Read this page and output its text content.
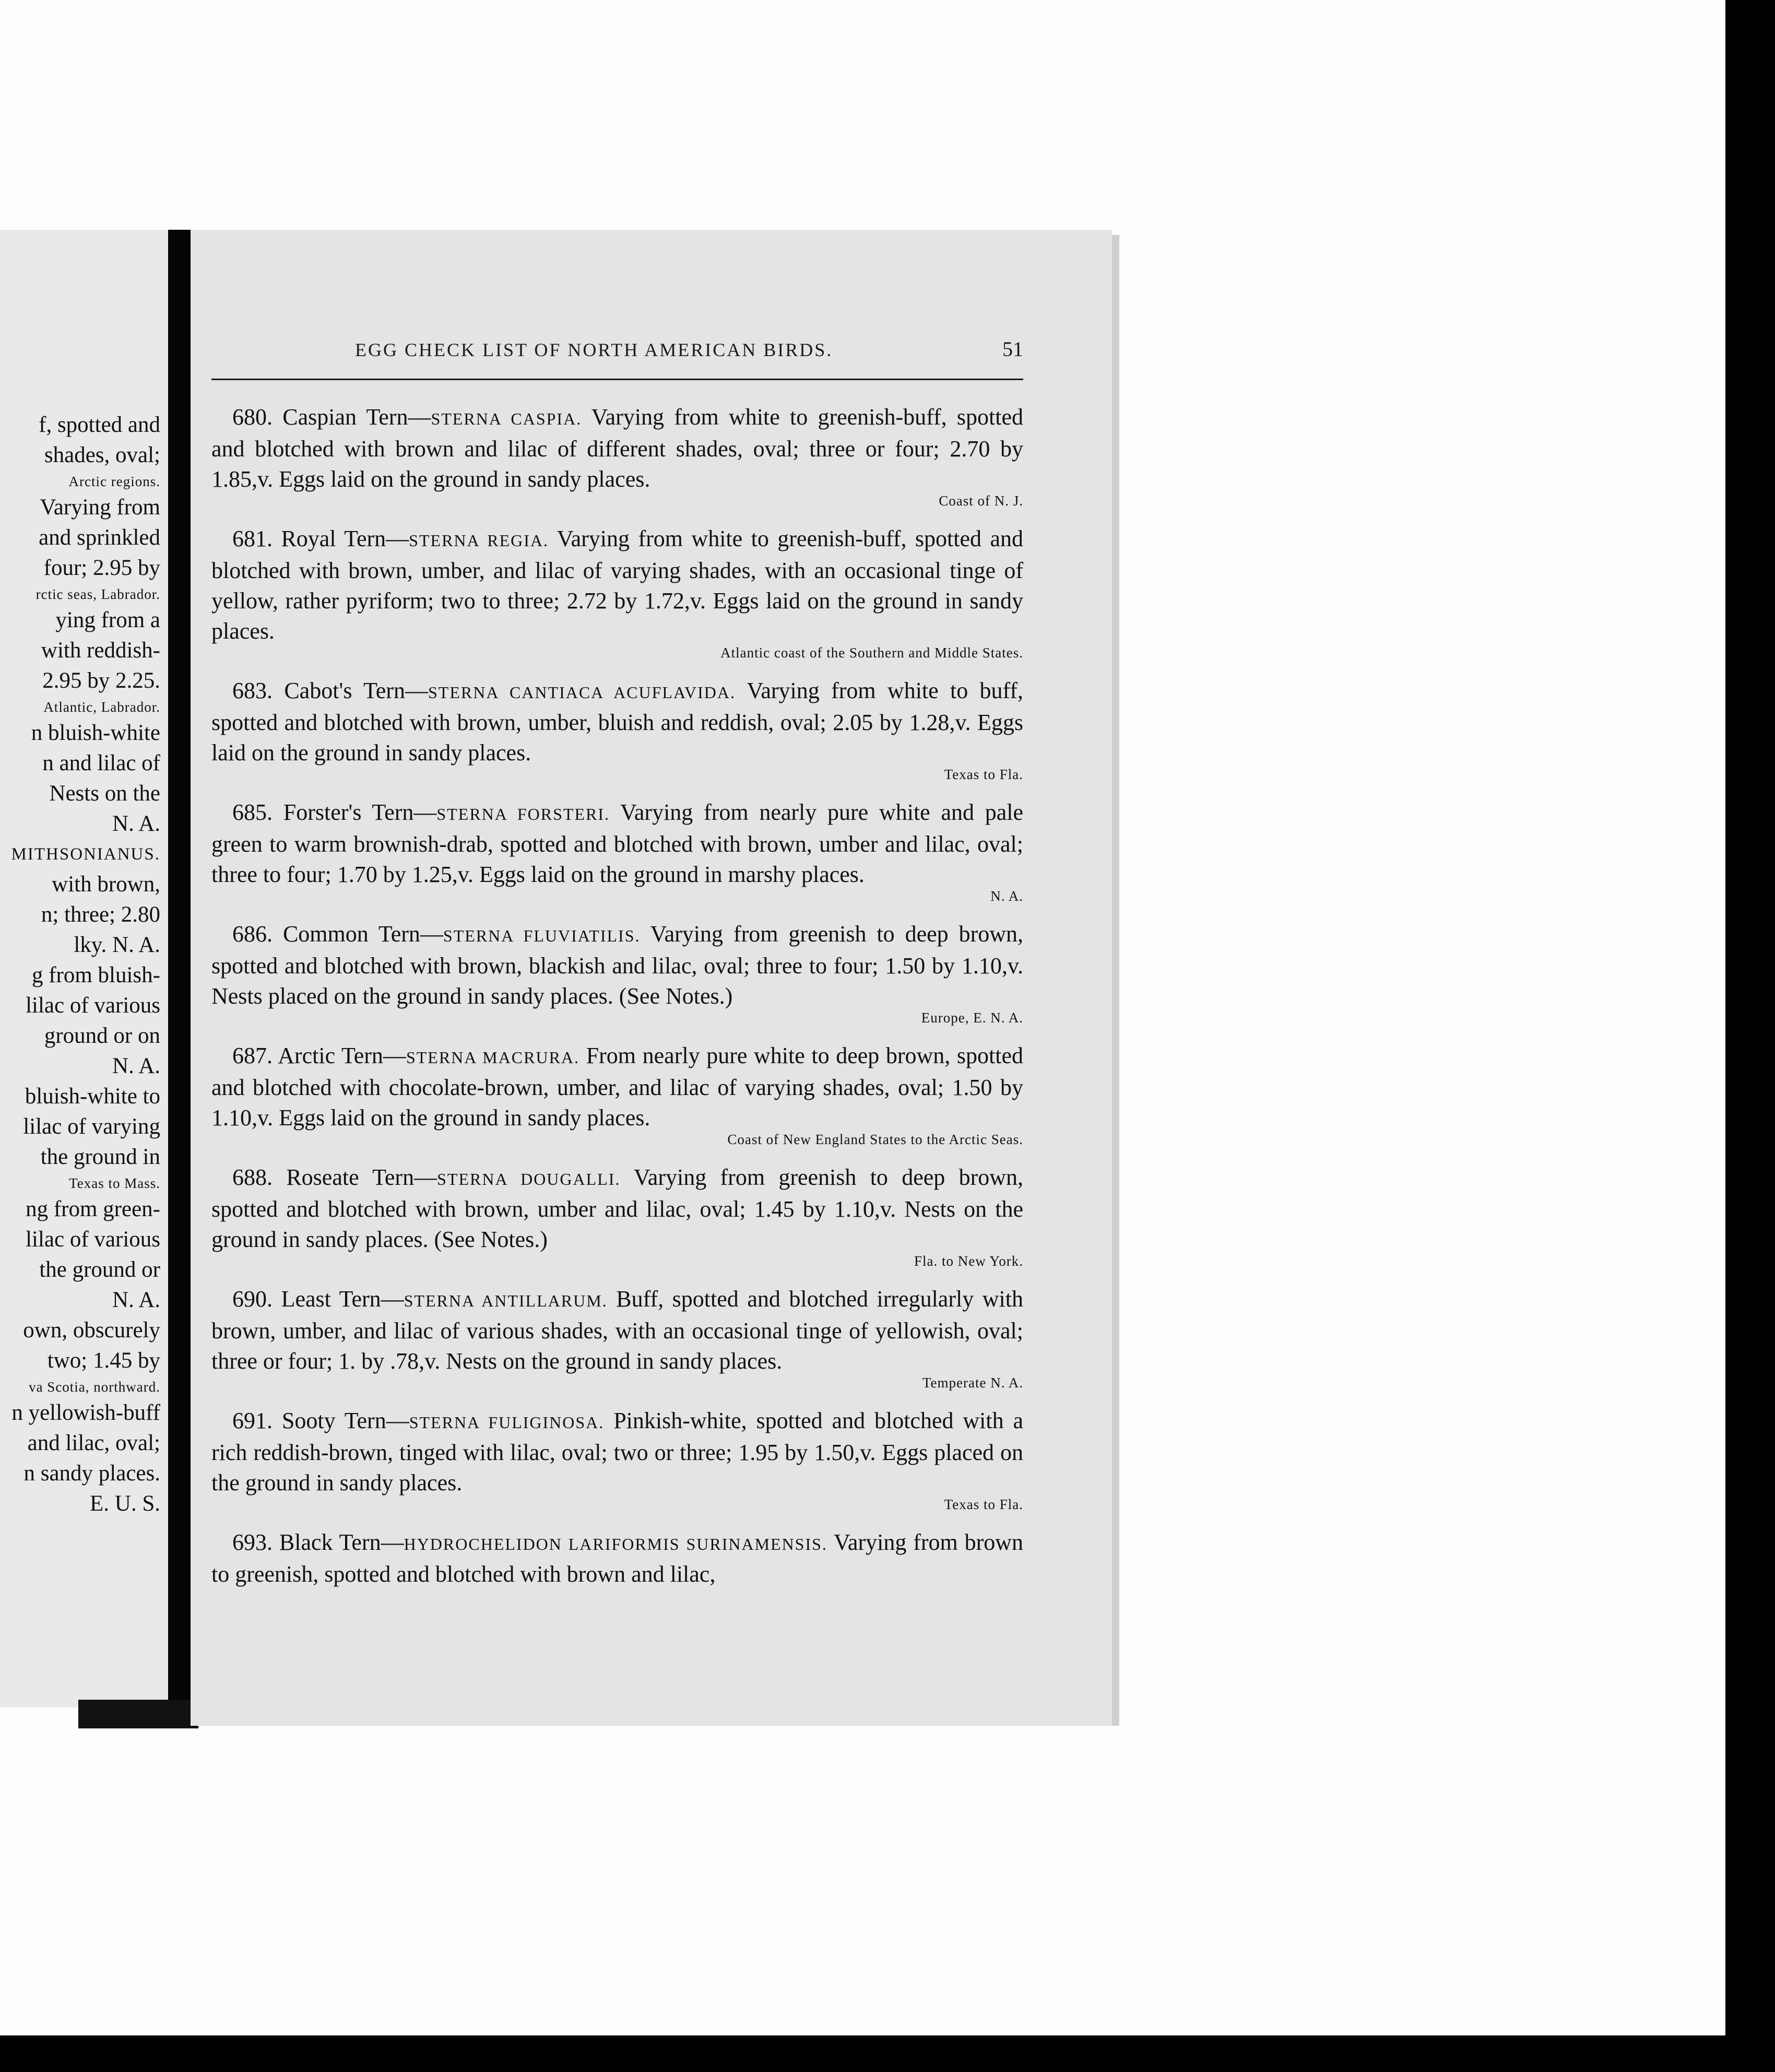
f, spotted and
shades, oval;
Arctic regions.
Varying from
and sprinkled
four; 2.95 by
rctic seas, Labrador.
ying from a
with reddish-
2.95 by 2.25.
Atlantic, Labrador.
n bluish-white
n and lilac of
Nests on the
N. A.
MITHSONIANUS.
with brown,
n; three; 2.80
lky. N. A.
g from bluish-
lilac of various
ground or on
N. A.
bluish-white to
lilac of varying
the ground in
Texas to Mass.
ng from green-
lilac of various
the ground or
N. A.
own, obscurely
two; 1.45 by
va Scotia, northward.
n yellowish-buff
and lilac, oval;
n sandy places.
E. U. S.
EGG CHECK LIST OF NORTH AMERICAN BIRDS.	51
680. Caspian Tern—STERNA CASPIA. Varying from white to greenish-buff, spotted and blotched with brown and lilac of different shades, oval; three or four; 2.70 by 1.85,v. Eggs laid on the ground in sandy places.
Coast of N. J.
681. Royal Tern—STERNA REGIA. Varying from white to greenish-buff, spotted and blotched with brown, umber, and lilac of varying shades, with an occasional tinge of yellow, rather pyriform; two to three; 2.72 by 1.72,v. Eggs laid on the ground in sandy places.
Atlantic coast of the Southern and Middle States.
683. Cabot's Tern—STERNA CANTIACA ACUFLAVIDA. Varying from white to buff, spotted and blotched with brown, umber, bluish and reddish, oval; 2.05 by 1.28,v. Eggs laid on the ground in sandy places.
Texas to Fla.
685. Forster's Tern—STERNA FORSTERI. Varying from nearly pure white and pale green to warm brownish-drab, spotted and blotched with brown, umber and lilac, oval; three to four; 1.70 by 1.25,v. Eggs laid on the ground in marshy places.
N. A.
686. Common Tern—STERNA FLUVIATILIS. Varying from greenish to deep brown, spotted and blotched with brown, blackish and lilac, oval; three to four; 1.50 by 1.10,v. Nests placed on the ground in sandy places. (See Notes.)
Europe, E. N. A.
687. Arctic Tern—STERNA MACRURA. From nearly pure white to deep brown, spotted and blotched with chocolate-brown, umber, and lilac of varying shades, oval; 1.50 by 1.10,v. Eggs laid on the ground in sandy places.
Coast of New England States to the Arctic Seas.
688. Roseate Tern—STERNA DOUGALLI. Varying from greenish to deep brown, spotted and blotched with brown, umber and lilac, oval; 1.45 by 1.10,v. Nests on the ground in sandy places. (See Notes.)
Fla. to New York.
690. Least Tern—STERNA ANTILLARUM. Buff, spotted and blotched irregularly with brown, umber, and lilac of various shades, with an occasional tinge of yellowish, oval; three or four; 1. by .78,v. Nests on the ground in sandy places.
Temperate N. A.
691. Sooty Tern—STERNA FULIGINOSA. Pinkish-white, spotted and blotched with a rich reddish-brown, tinged with lilac, oval; two or three; 1.95 by 1.50,v. Eggs placed on the ground in sandy places.
Texas to Fla.
693. Black Tern—HYDROCHELIDON LARIFORMIS SURINAMENSIS. Varying from brown to greenish, spotted and blotched with brown and lilac,
